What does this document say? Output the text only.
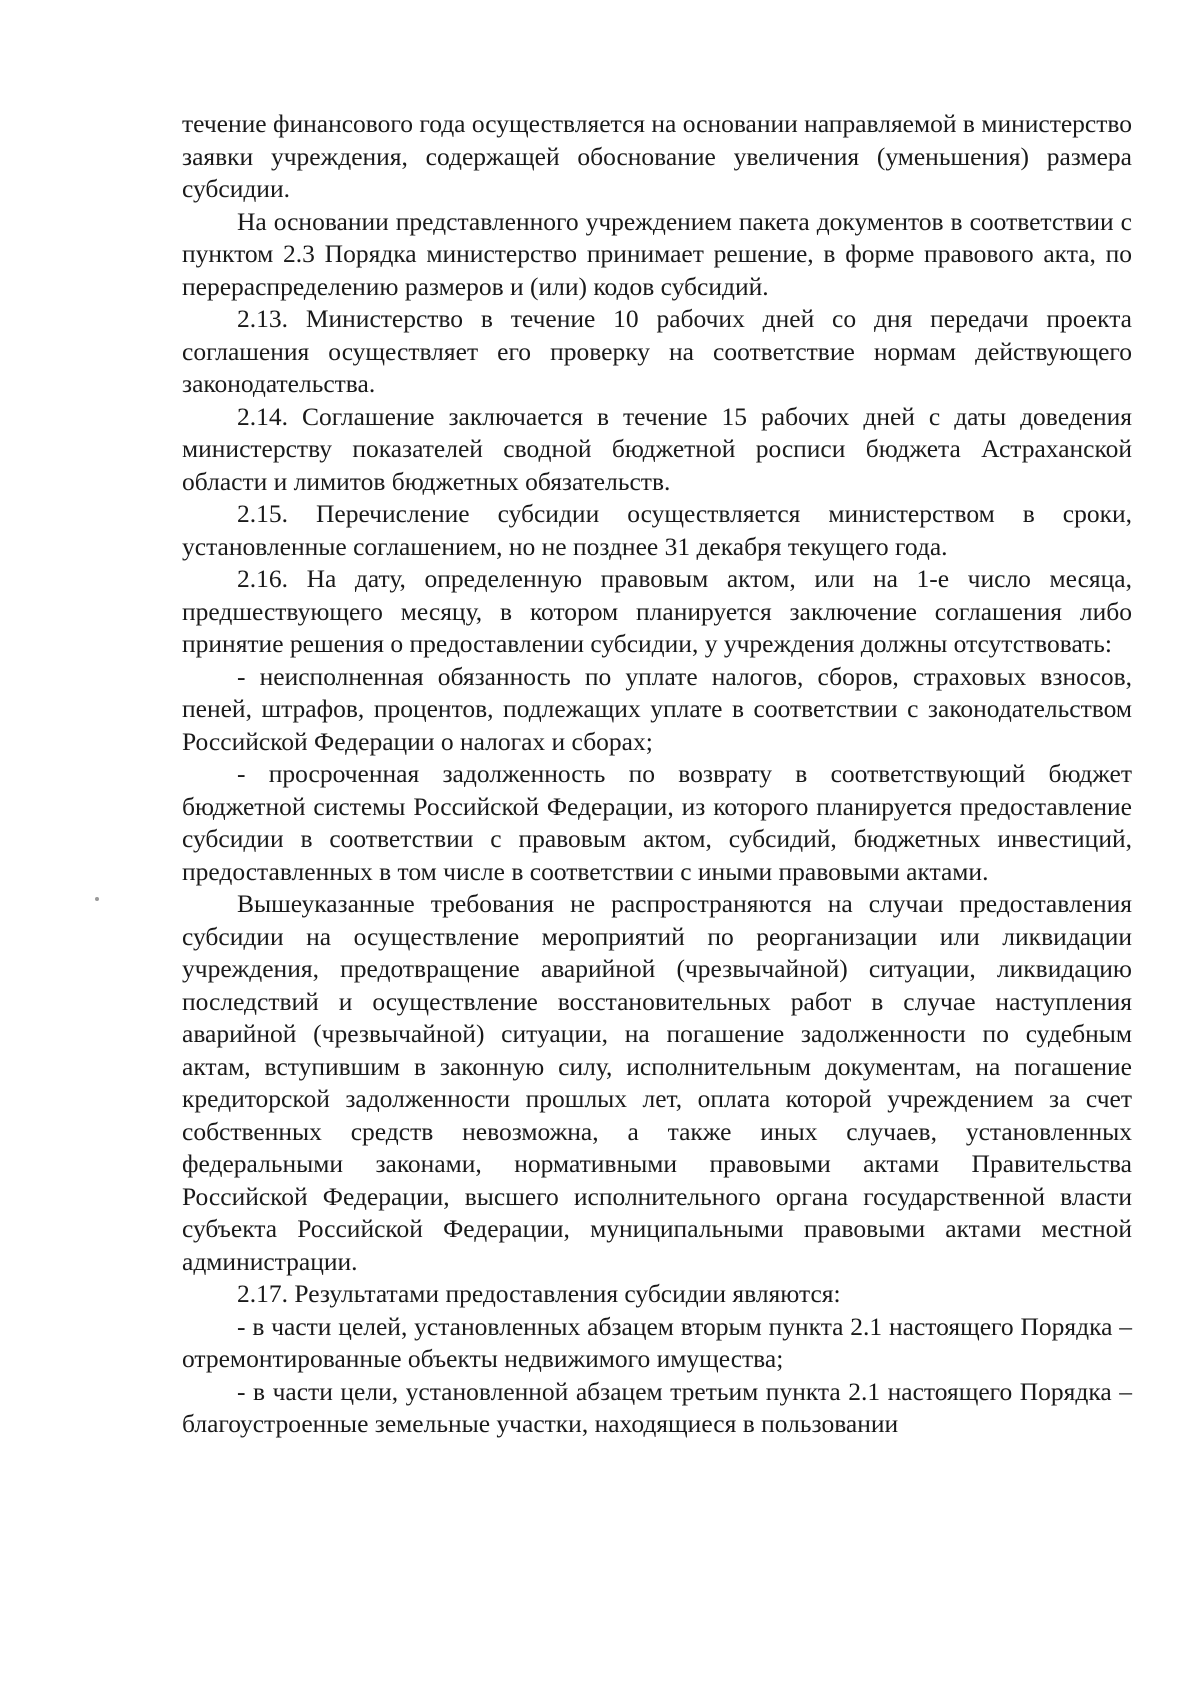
течение финансового года осуществляется на основании направляемой в министерство заявки учреждения, содержащей обоснование увеличения (уменьшения) размера субсидии.

На основании представленного учреждением пакета документов в соответствии с пунктом 2.3 Порядка министерство принимает решение, в форме правового акта, по перераспределению размеров и (или) кодов субсидий.

2.13. Министерство в течение 10 рабочих дней со дня передачи проекта соглашения осуществляет его проверку на соответствие нормам действующего законодательства.

2.14. Соглашение заключается в течение 15 рабочих дней с даты доведения министерству показателей сводной бюджетной росписи бюджета Астраханской области и лимитов бюджетных обязательств.

2.15. Перечисление субсидии осуществляется министерством в сроки, установленные соглашением, но не позднее 31 декабря текущего года.

2.16. На дату, определенную правовым актом, или на 1-е число месяца, предшествующего месяцу, в котором планируется заключение соглашения либо принятие решения о предоставлении субсидии, у учреждения должны отсутствовать:

- неисполненная обязанность по уплате налогов, сборов, страховых взносов, пеней, штрафов, процентов, подлежащих уплате в соответствии с законодательством Российской Федерации о налогах и сборах;

- просроченная задолженность по возврату в соответствующий бюджет бюджетной системы Российской Федерации, из которого планируется предоставление субсидии в соответствии с правовым актом, субсидий, бюджетных инвестиций, предоставленных в том числе в соответствии с иными правовыми актами.

Вышеуказанные требования не распространяются на случаи предоставления субсидии на осуществление мероприятий по реорганизации или ликвидации учреждения, предотвращение аварийной (чрезвычайной) ситуации, ликвидацию последствий и осуществление восстановительных работ в случае наступления аварийной (чрезвычайной) ситуации, на погашение задолженности по судебным актам, вступившим в законную силу, исполнительным документам, на погашение кредиторской задолженности прошлых лет, оплата которой учреждением за счет собственных средств невозможна, а также иных случаев, установленных федеральными законами, нормативными правовыми актами Правительства Российской Федерации, высшего исполнительного органа государственной власти субъекта Российской Федерации, муниципальными правовыми актами местной администрации.

2.17. Результатами предоставления субсидии являются:

- в части целей, установленных абзацем вторым пункта 2.1 настоящего Порядка – отремонтированные объекты недвижимого имущества;

- в части цели, установленной абзацем третьим пункта 2.1 настоящего Порядка – благоустроенные земельные участки, находящиеся в пользовании
